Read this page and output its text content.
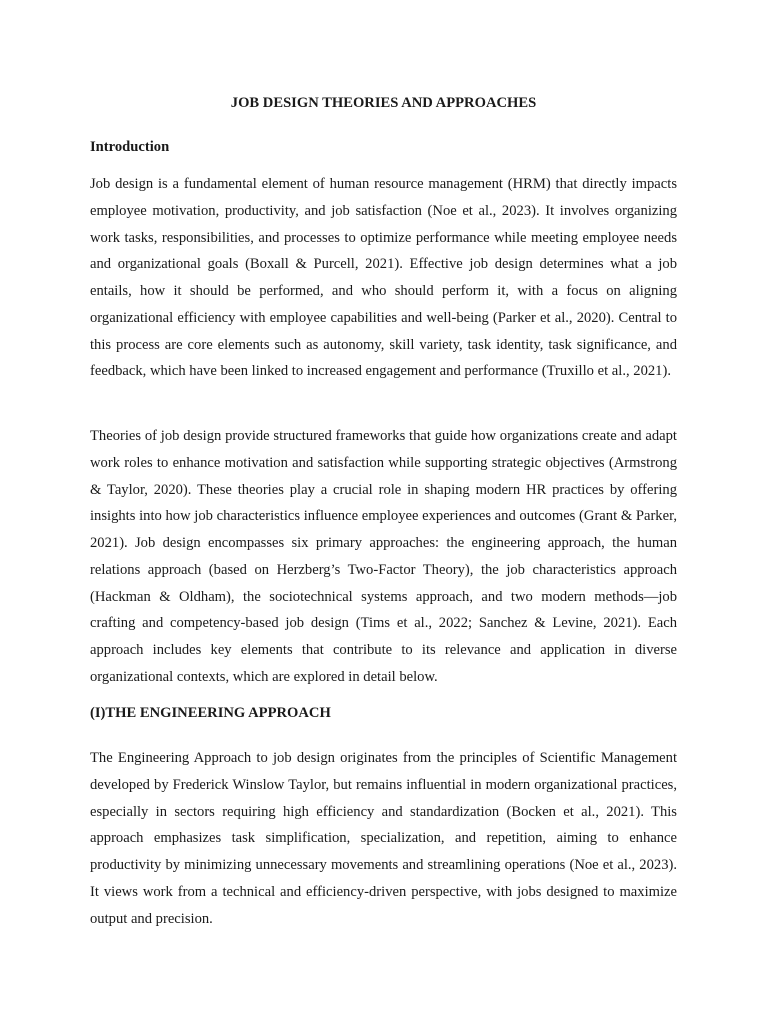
JOB DESIGN THEORIES AND APPROACHES
Introduction

Job design is a fundamental element of human resource management (HRM) that directly impacts employee motivation, productivity, and job satisfaction (Noe et al., 2023). It involves organizing work tasks, responsibilities, and processes to optimize performance while meeting employee needs and organizational goals (Boxall & Purcell, 2021). Effective job design determines what a job entails, how it should be performed, and who should perform it, with a focus on aligning organizational efficiency with employee capabilities and well-being (Parker et al., 2020). Central to this process are core elements such as autonomy, skill variety, task identity, task significance, and feedback, which have been linked to increased engagement and performance (Truxillo et al., 2021).

Theories of job design provide structured frameworks that guide how organizations create and adapt work roles to enhance motivation and satisfaction while supporting strategic objectives (Armstrong & Taylor, 2020). These theories play a crucial role in shaping modern HR practices by offering insights into how job characteristics influence employee experiences and outcomes (Grant & Parker, 2021). Job design encompasses six primary approaches: the engineering approach, the human relations approach (based on Herzberg’s Two-Factor Theory), the job characteristics approach (Hackman & Oldham), the sociotechnical systems approach, and two modern methods—job crafting and competency-based job design (Tims et al., 2022; Sanchez & Levine, 2021). Each approach includes key elements that contribute to its relevance and application in diverse organizational contexts, which are explored in detail below.

(I)THE ENGINEERING APPROACH

The Engineering Approach to job design originates from the principles of Scientific Management developed by Frederick Winslow Taylor, but remains influential in modern organizational practices, especially in sectors requiring high efficiency and standardization (Bocken et al., 2021). This approach emphasizes task simplification, specialization, and repetition, aiming to enhance productivity by minimizing unnecessary movements and streamlining operations (Noe et al., 2023). It views work from a technical and efficiency-driven perspective, with jobs designed to maximize output and precision.
